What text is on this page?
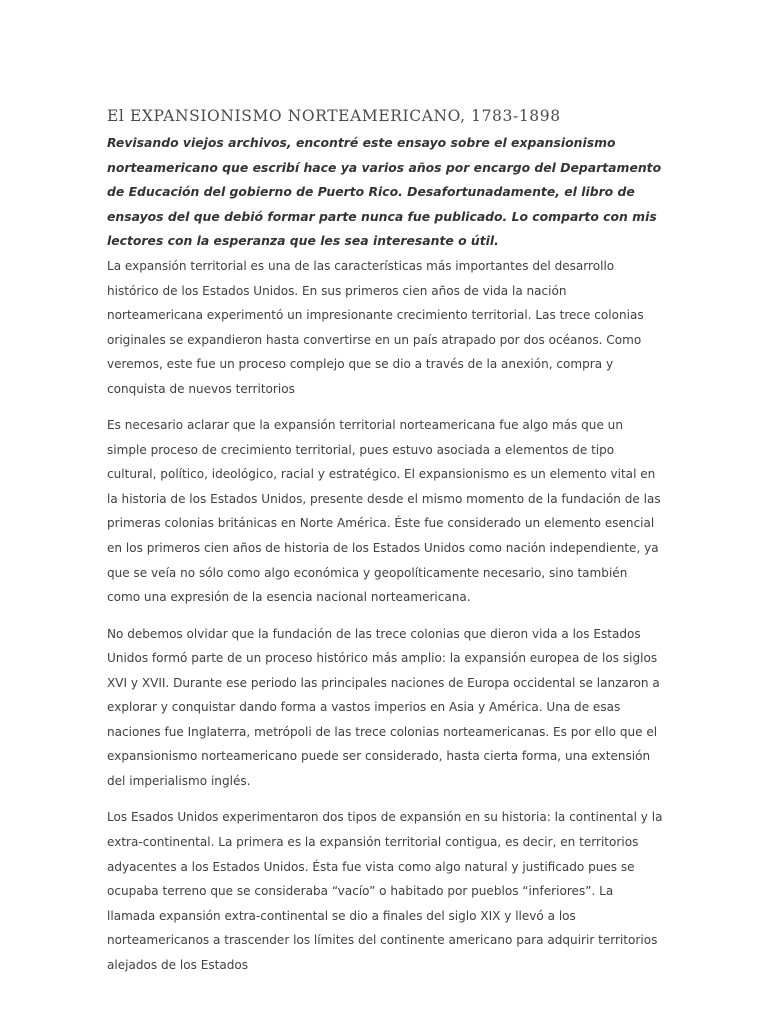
El EXPANSIONISMO NORTEAMERICANO, 1783-1898

Revisando viejos archivos, encontré este ensayo sobre el expansionismo norteamericano que escribí hace ya varios años por encargo del Departamento de Educación del gobierno de Puerto Rico. Desafortunadamente, el libro de ensayos del que debió formar parte nunca fue publicado. Lo comparto con mis lectores con la esperanza que les sea interesante o útil.

La expansión territorial es una de las características más importantes del desarrollo histórico de los Estados Unidos. En sus primeros cien años de vida la nación norteamericana experimentó un impresionante crecimiento territorial. Las trece colonias originales se expandieron hasta convertirse en un país atrapado por dos océanos. Como veremos, este fue un proceso complejo que se dio a través de la anexión, compra y conquista de nuevos territorios

Es necesario aclarar que la expansión territorial norteamericana fue algo más que un simple proceso de crecimiento territorial, pues estuvo asociada a elementos de tipo cultural, político, ideológico, racial y estratégico. El expansionismo es un elemento vital en la historia de los Estados Unidos, presente desde el mismo momento de la fundación de las primeras colonias británicas en Norte América. Éste fue considerado un elemento esencial en los primeros cien años de historia de los Estados Unidos como nación independiente, ya que se veía no sólo como algo económica y geopolíticamente necesario, sino también como una expresión de la esencia nacional norteamericana.

No debemos olvidar que la fundación de las trece colonias que dieron vida a los Estados Unidos formó parte de un proceso histórico más amplio: la expansión europea de los siglos XVI y XVII. Durante ese periodo las principales naciones de Europa occidental se lanzaron a explorar y conquistar dando forma a vastos imperios en Asia y América. Una de esas naciones fue Inglaterra, metrópoli de las trece colonias norteamericanas. Es por ello que el expansionismo norteamericano puede ser considerado, hasta cierta forma, una extensión del imperialismo inglés.

Los Esados Unidos experimentaron dos tipos de expansión en su historia: la continental y la extra-continental. La primera es la expansión territorial contigua, es decir, en territorios adyacentes a los Estados Unidos. Ésta fue vista como algo natural y justificado pues se ocupaba terreno que se consideraba “vacío” o habitado por pueblos “inferiores”. La llamada expansión extra-continental se dio a finales del siglo XIX y llevó a los norteamericanos a trascender los límites del continente americano para adquirir territorios alejados de los Estados
